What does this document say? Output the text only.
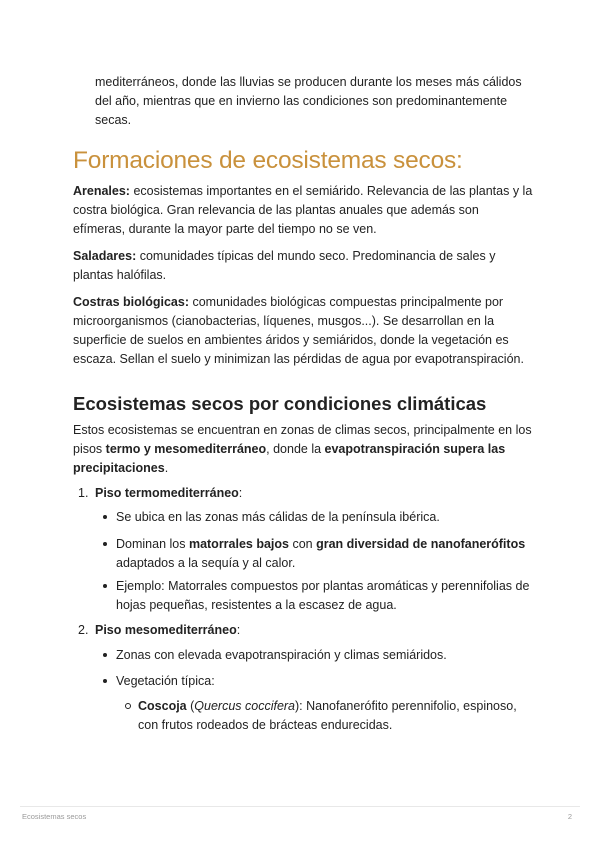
mediterráneos, donde las lluvias se producen durante los meses más cálidos del año, mientras que en invierno las condiciones son predominantemente secas.

Formaciones de ecosistemas secos:

Arenales: ecosistemas importantes en el semiárido. Relevancia de las plantas y la costra biológica. Gran relevancia de las plantas anuales que además son efímeras, durante la mayor parte del tiempo no se ven.

Saladares: comunidades típicas del mundo seco. Predominancia de sales y plantas halófilas.

Costras biológicas: comunidades biológicas compuestas principalmente por microorganismos (cianobacterias, líquenes, musgos...). Se desarrollan en la superficie de suelos en ambientes áridos y semiáridos, donde la vegetación es escaza. Sellan el suelo y minimizan las pérdidas de agua por evapotranspiración.

Ecosistemas secos por condiciones climáticas

Estos ecosistemas se encuentran en zonas de climas secos, principalmente en los pisos termo y mesomediterráneo, donde la evapotranspiración supera las precipitaciones.

1. Piso termomediterráneo:

Se ubica en las zonas más cálidas de la península ibérica.

Dominan los matorrales bajos con gran diversidad de nanofaneróﬁtos adaptados a la sequía y al calor.

Ejemplo: Matorrales compuestos por plantas aromáticas y perennifolias de hojas pequeñas, resistentes a la escasez de agua.

2. Piso mesomediterráneo:

Zonas con elevada evapotranspiración y climas semiáridos.

Vegetación típica:

Coscoja (Quercus coccifera): Nanofaneróﬁto perennifolio, espinoso, con frutos rodeados de brácteas endurecidas.

Ecosistemas secos	2
